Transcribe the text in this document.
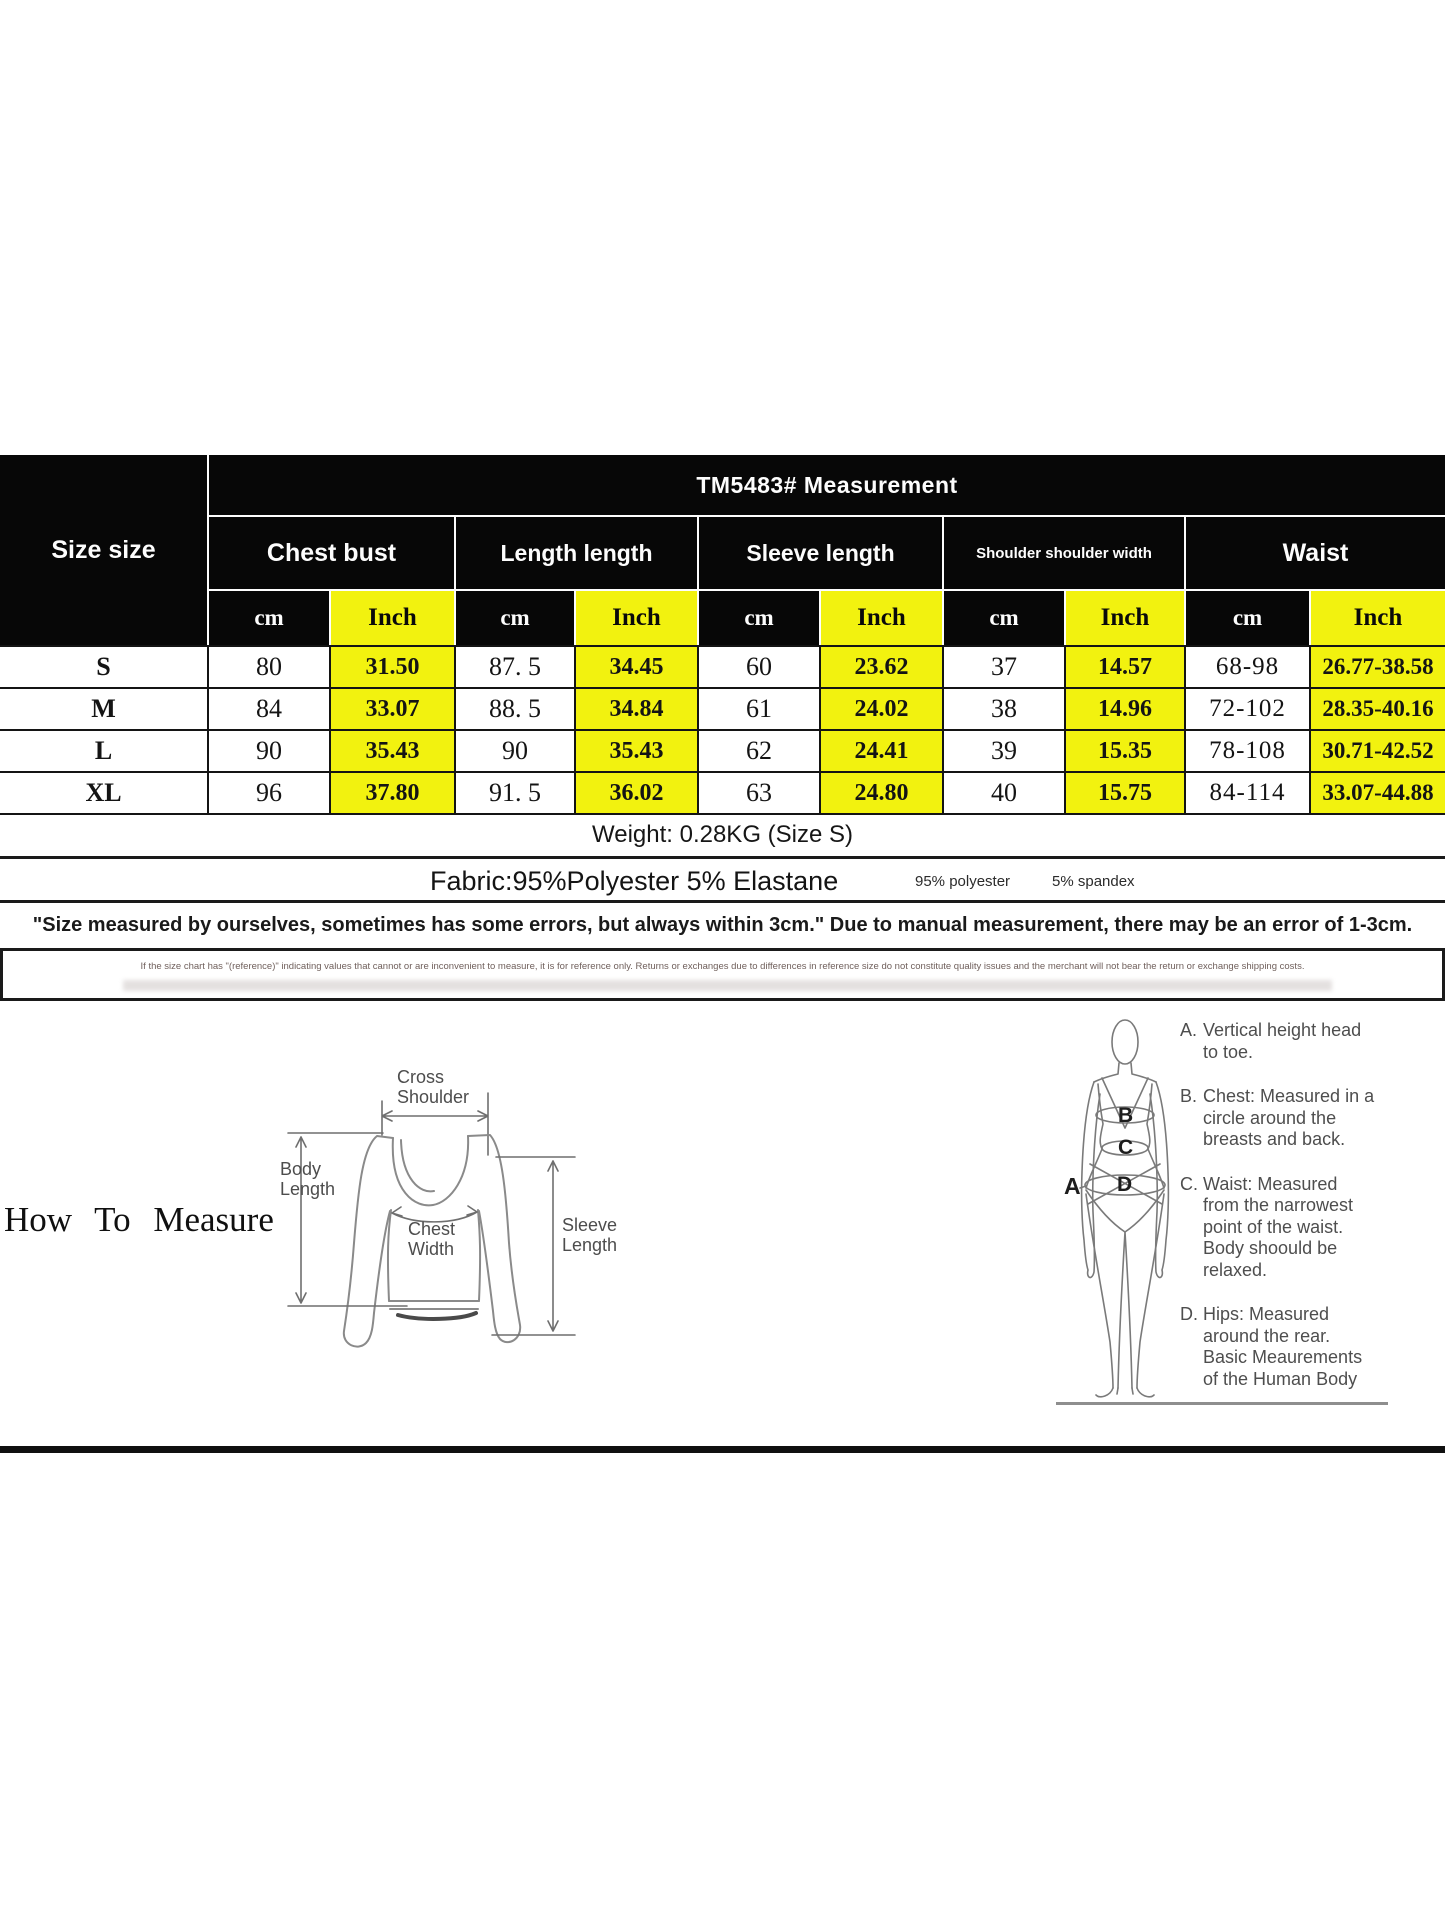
Size size	TM5483# Measurement									
	Chest bust		Length length		Sleeve length		Shoulder shoulder width		Waist	
	cm	Inch	cm	Inch	cm	Inch	cm	Inch	cm	Inch
S	80	31.50	87. 5	34.45	60	23.62	37	14.57	68-98	26.77-38.58
M	84	33.07	88. 5	34.84	61	24.02	38	14.96	72-102	28.35-40.16
L	90	35.43	90	35.43	62	24.41	39	15.35	78-108	30.71-42.52
XL	96	37.80	91. 5	36.02	63	24.80	40	15.75	84-114	33.07-44.88
Weight: 0.28KG (Size S)
Fabric:95%Polyester 5% Elastane	95% polyester	5% spandex
"Size measured by ourselves, sometimes has some errors, but always within 3cm." Due to manual measurement, there may be an error of 1-3cm.
If the size chart has "(reference)" indicating values that cannot or are inconvenient to measure, it is for reference only. Returns or exchanges due to differences in reference size do not constitute quality issues and the merchant will not bear the return or exchange shipping costs.
How To Measure
Cross
Shoulder
Chest
Width
Body
Length
Sleeve
Length
A
B
C
D
A. Vertical height head to toe.
B. Chest: Measured in a circle around the breasts and back.
C. Waist: Measured from the narrowest point of the waist. Body shoould be relaxed.
D. Hips: Measured around the rear. Basic Meaurements of the Human Body
